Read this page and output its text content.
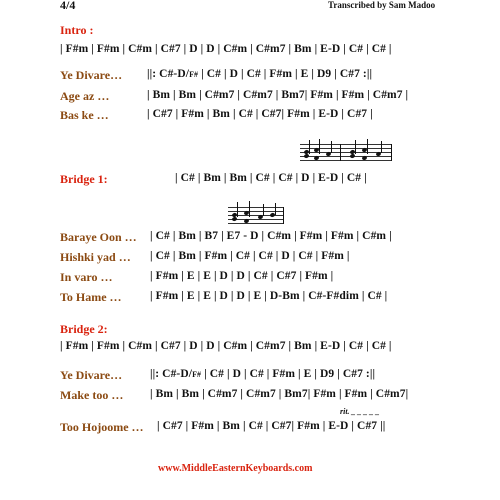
4/4	Transcribed by Sam Madoo
Intro :
| F#m | F#m | C#m | C#7 | D | D | C#m | C#m7 | Bm | E-D | C# | C# |
Ye Divare… ||: C#-D/F# | C# | D | C# | F#m | E | D9 | C#7 :||
Age az …	| Bm | Bm | C#m7 | C#m7 | Bm7| F#m | F#m | C#m7 |
Bas ke …	| C#7 | F#m | Bm | C# | C#7| F#m | E-D | C#7 |
Bridge 1:	| C# | Bm | Bm | C# | C# | D | E-D | C# |
Baraye Oon … | C# | Bm | B7 | E7 - D | C#m | F#m | F#m | C#m |
Hishki yad … | C# | Bm | F#m | C# | C# | D | C# | F#m |
In varo …	| F#m | E | E | D | D | C# | C#7 | F#m |
To Hame … | F#m | E | E | D | D | E | D-Bm | C#-F#dim | C# |
Bridge 2:
| F#m | F#m | C#m | C#7 | D | D | C#m | C#m7 | Bm | E-D | C# | C# |
Ye Divare… ||: C#-D/F# | C# | D | C# | F#m | E | D9 | C#7 :||
Make too … | Bm | Bm | C#m7 | C#m7 | Bm7| F#m | F#m | C#m7|
rit. _ _ _ _ _
Too Hojoome … | C#7 | F#m | Bm | C# | C#7| F#m | E-D | C#7 ||
www.MiddleEasternKeyboards.com
